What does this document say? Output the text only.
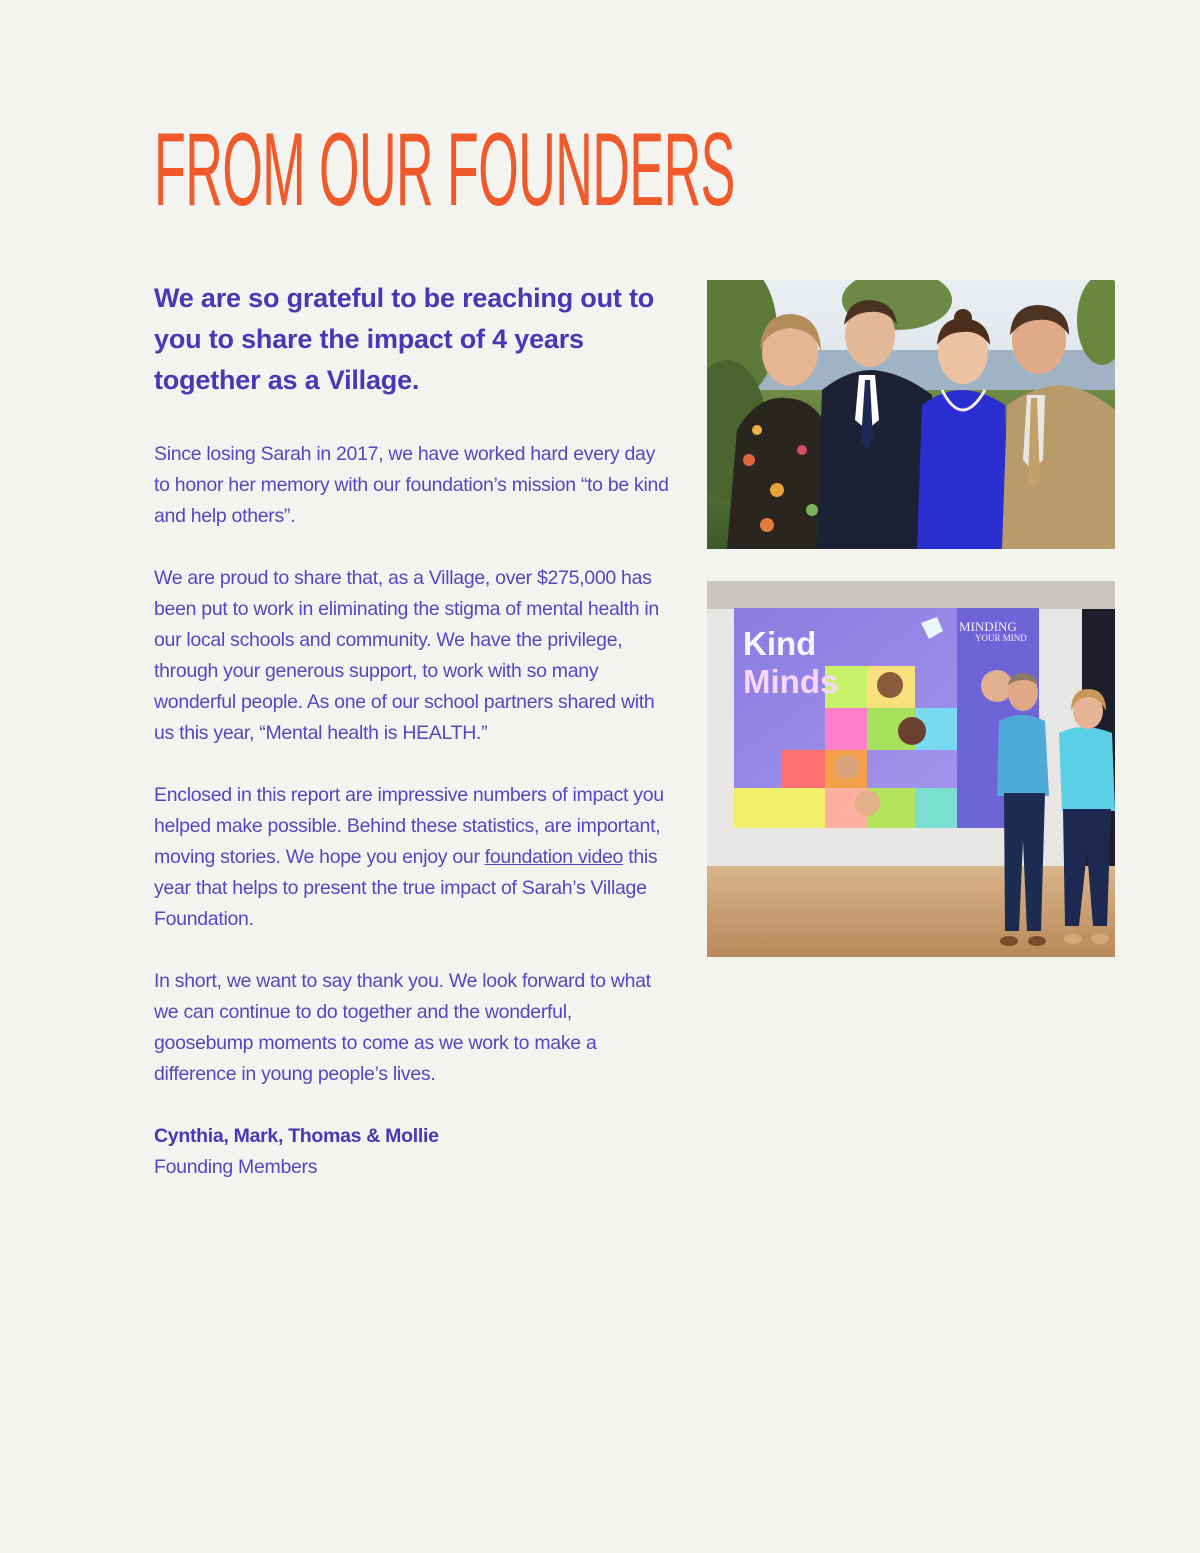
FROM OUR FOUNDERS

We are so grateful to be reaching out to you to share the impact of 4 years together as a Village.

Since losing Sarah in 2017, we have worked hard every day to honor her memory with our foundation’s mission “to be kind and help others”.

We are proud to share that, as a Village, over $275,000 has been put to work in eliminating the stigma of mental health in our local schools and community. We have the privilege, through your generous support, to work with so many wonderful people. As one of our school partners shared with us this year, “Mental health is HEALTH.”

Enclosed in this report are impressive numbers of impact you helped make possible. Behind these statistics, are important, moving stories. We hope you enjoy our foundation video this year that helps to present the true impact of Sarah’s Village Foundation.

In short, we want to say thank you. We look forward to what we can continue to do together and the wonderful, goosebump moments to come as we work to make a difference in young people’s lives.

Cynthia, Mark, Thomas & Mollie
Founding Members

Kind
Minds
MINDING
YOUR MIND
